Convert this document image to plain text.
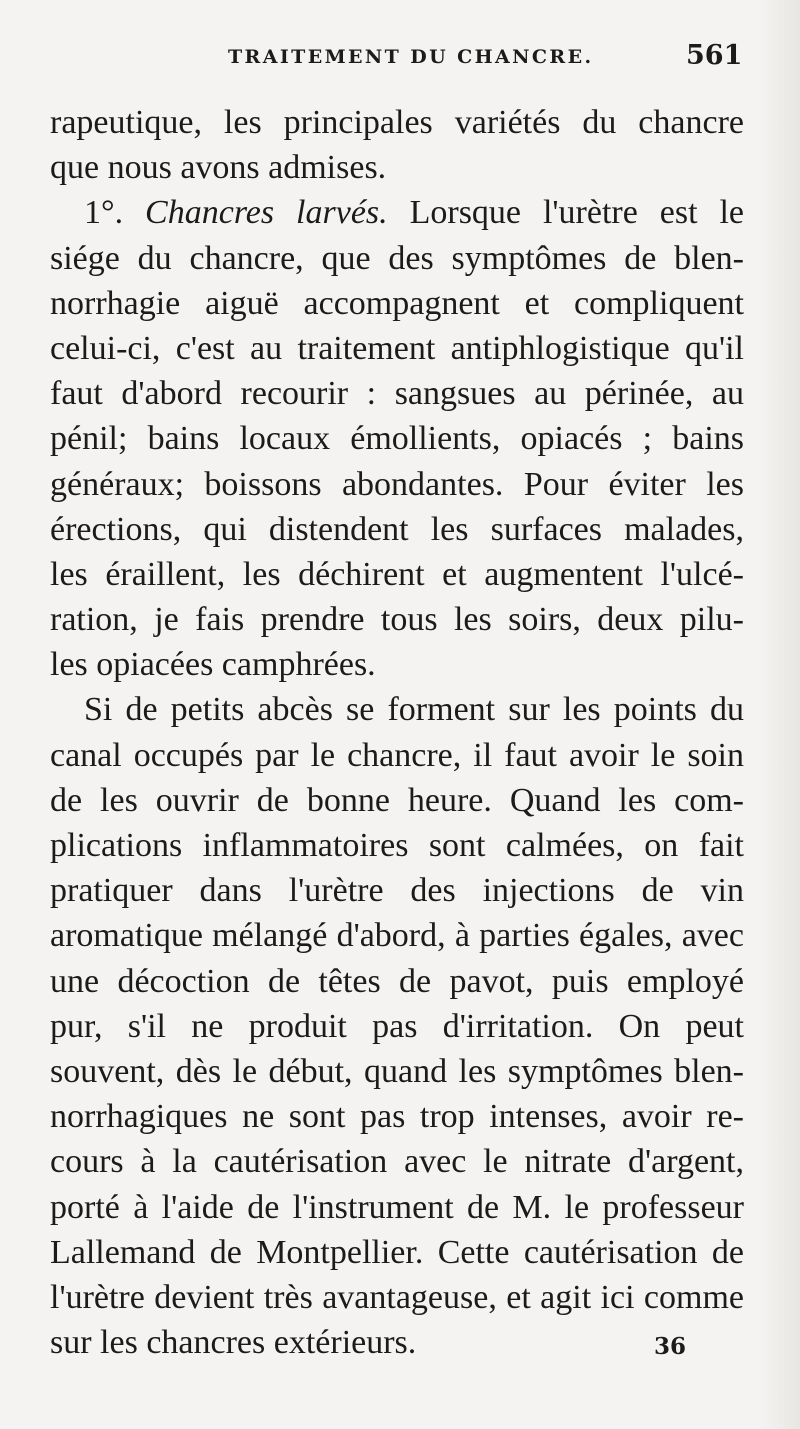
TRAITEMENT DU CHANCRE.	561
rapeutique, les principales variétés du chancre
que nous avons admises.
1°. Chancres larvés. Lorsque l'urètre est le
siége du chancre, que des symptômes de blen-
norrhagie aiguë accompagnent et compliquent
celui-ci, c'est au traitement antiphlogistique qu'il
faut d'abord recourir : sangsues au périnée, au
pénil; bains locaux émollients, opiacés ; bains
généraux; boissons abondantes. Pour éviter les
érections, qui distendent les surfaces malades,
les éraillent, les déchirent et augmentent l'ulcé-
ration, je fais prendre tous les soirs, deux pilu-
les opiacées camphrées.
Si de petits abcès se forment sur les points du
canal occupés par le chancre, il faut avoir le soin
de les ouvrir de bonne heure. Quand les com-
plications inflammatoires sont calmées, on fait
pratiquer dans l'urètre des injections de vin
aromatique mélangé d'abord, à parties égales, avec
une décoction de têtes de pavot, puis employé
pur, s'il ne produit pas d'irritation. On peut
souvent, dès le début, quand les symptômes blen-
norrhagiques ne sont pas trop intenses, avoir re-
cours à la cautérisation avec le nitrate d'argent,
porté à l'aide de l'instrument de M. le professeur
Lallemand de Montpellier. Cette cautérisation de
l'urètre devient très avantageuse, et agit ici comme
sur les chancres extérieurs.	36
